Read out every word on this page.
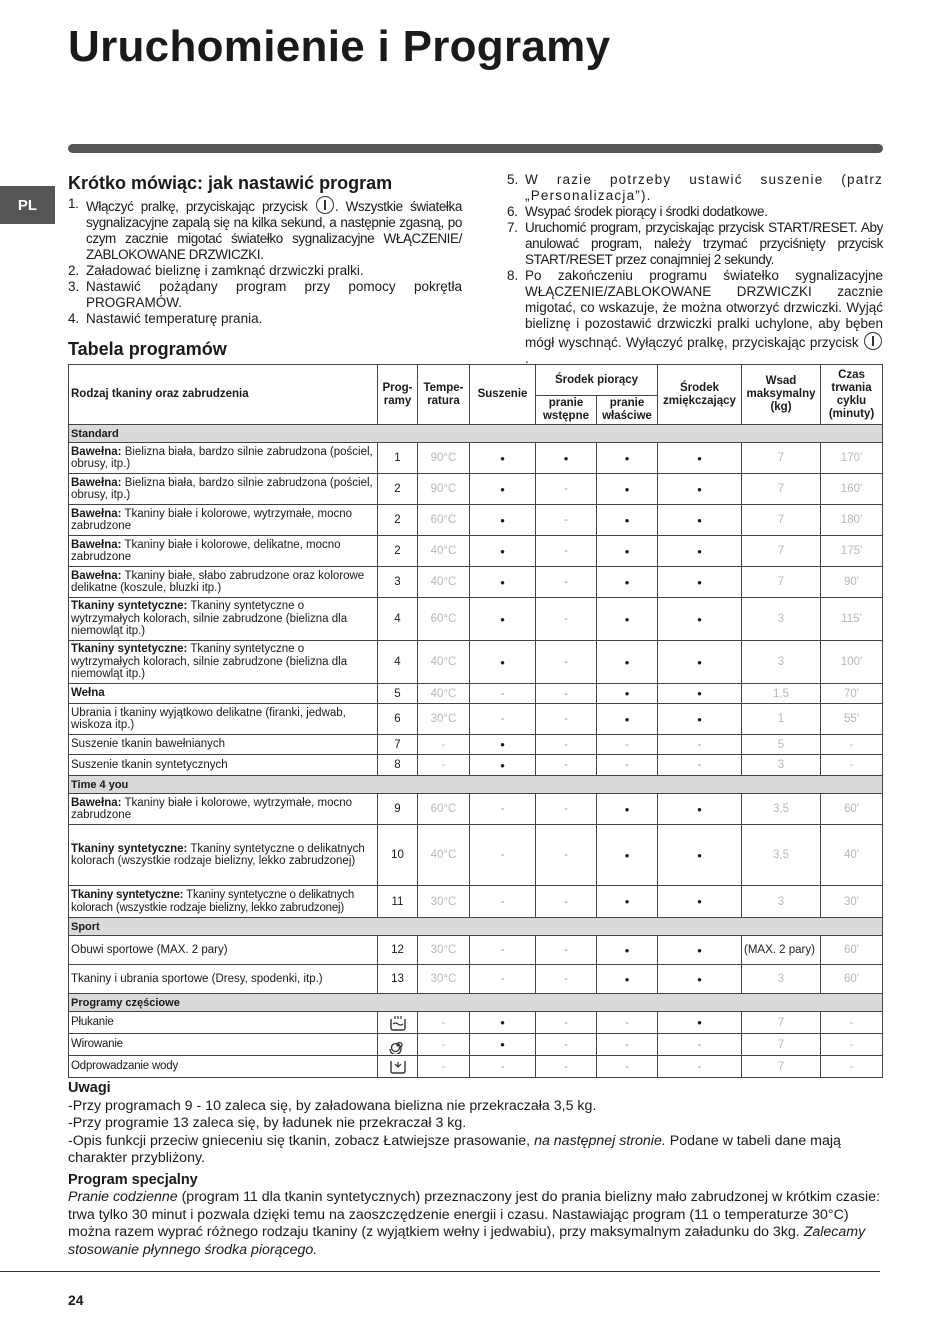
Uruchomienie i Programy
PL
Krótko mówiąc: jak nastawić program
1. Włączyć pralkę, przyciskając przycisk . Wszystkie światełka sygnalizacyjne zapalą się na kilka sekund, a następnie zgasną, po czym zacznie migotać światełko sygnalizacyjne WŁĄCZENIE/ ZABLOKOWANE DRZWICZKI.
2. Załadować bieliznę i zamknąć drzwiczki pralki.
3. Nastawić pożądany program przy pomocy pokrętła PROGRAMÓW.
4. Nastawić temperaturę prania.
5. W razie potrzeby ustawić suszenie (patrz „Personalizacja”).
6. Wsypać środek piorący i środki dodatkowe.
7. Uruchomić program, przyciskając przycisk START/RESET. Aby anulować program, należy trzymać przyciśnięty przycisk START/RESET przez conajmniej 2 sekundy.
8. Po zakończeniu programu światełko sygnalizacyjne WŁĄCZENIE/ZABLOKOWANE DRZWICZKI zacznie migotać, co wskazuje, że można otworzyć drzwiczki. Wyjąć bieliznę i pozostawić drzwiczki pralki uchylone, aby bęben mógł wyschnąć. Wyłączyć pralkę, przyciskając przycisk .
Tabela programów
Rodzaj tkaniny oraz zabrudzenia	Prog-ramy	Tempe-ratura	Suszenie	Środek piorący		Środek zmiękczający	Wsad maksymalny (kg)	Czas trwania cyklu (minuty)
				pranie wstępne	pranie właściwe			
Standard								
Bawełna: Bielizna biała, bardzo silnie zabrudzona (pościel, obrusy, itp.)	1	90°C	•	•	•	•	7	170'
Bawełna: Bielizna biała, bardzo silnie zabrudzona (pościel, obrusy, itp.)	2	90°C	•	-	•	•	7	160'
Bawełna: Tkaniny białe i kolorowe, wytrzymałe, mocno zabrudzone	2	60°C	•	-	•	•	7	180'
Bawełna: Tkaniny białe i kolorowe, delikatne, mocno zabrudzone	2	40°C	•	-	•	•	7	175'
Bawełna: Tkaniny białe, słabo zabrudzone oraz kolorowe delikatne (koszule, bluzki itp.)	3	40°C	•	-	•	•	7	90'
Tkaniny syntetyczne: Tkaniny syntetyczne o wytrzymałych kolorach, silnie zabrudzone (bielizna dla niemowląt itp.)	4	60°C	•	-	•	•	3	115'
Tkaniny syntetyczne: Tkaniny syntetyczne o wytrzymałych kolorach, silnie zabrudzone (bielizna dla niemowląt itp.)	4	40°C	•	-	•	•	3	100'
Wełna	5	40°C	-	-	•	•	1,5	70'
Ubrania i tkaniny wyjątkowo delikatne (firanki, jedwab, wiskoza itp.)	6	30°C	-	-	•	•	1	55'
Suszenie tkanin bawełnianych	7	-	•	-	-	-	5	-
Suszenie tkanin syntetycznych	8	-	•	-	-	-	3	-
Time 4 you								
Bawełna: Tkaniny białe i kolorowe, wytrzymałe, mocno zabrudzone	9	60°C	-	-	•	•	3,5	60'
Tkaniny syntetyczne: Tkaniny syntetyczne o delikatnych kolorach (wszystkie rodzaje bielizny, lekko zabrudzonej)	10	40°C	-	-	•	•	3,5	40'
Tkaniny syntetyczne: Tkaniny syntetyczne o delikatnych kolorach (wszystkie rodzaje bielizny, lekko zabrudzonej)	11	30°C	-	-	•	•	3	30'
Sport								
Obuwi sportowe (MAX. 2 pary)	12	30°C	-	-	•	•	(MAX. 2 pary)	60'
Tkaniny i ubrania sportowe (Dresy, spodenki, itp.)	13	30°C	-	-	•	•	3	60'
Programy częściowe								
Płukanie		-	•	-	-	•	7	-
Wirowanie		-	•	-	-	-	7	-
Odprowadzanie wody		-	-	-	-	-	7	-

Uwagi

-Przy programach 9 - 10 zaleca się, by załadowana bielizna nie przekraczała 3,5 kg.

-Przy programie 13 zaleca się, by ładunek nie przekraczał 3 kg.

-Opis funkcji przeciw gnieceniu się tkanin, zobacz Łatwiejsze prasowanie, na następnej stronie. Podane w tabeli dane mają charakter przybliżony.

Program specjalny

Pranie codzienne (program 11 dla tkanin syntetycznych) przeznaczony jest do prania bielizny mało zabrudzonej w krótkim czasie: trwa tylko 30 minut i pozwala dzięki temu na zaoszczędzenie energii i czasu. Nastawiając program (11 o temperaturze 30°C) można razem wyprać różnego rodzaju tkaniny (z wyjątkiem wełny i jedwabiu), przy maksymalnym załadunku do 3kg. Zalecamy stosowanie płynnego środka piorącego.

24
